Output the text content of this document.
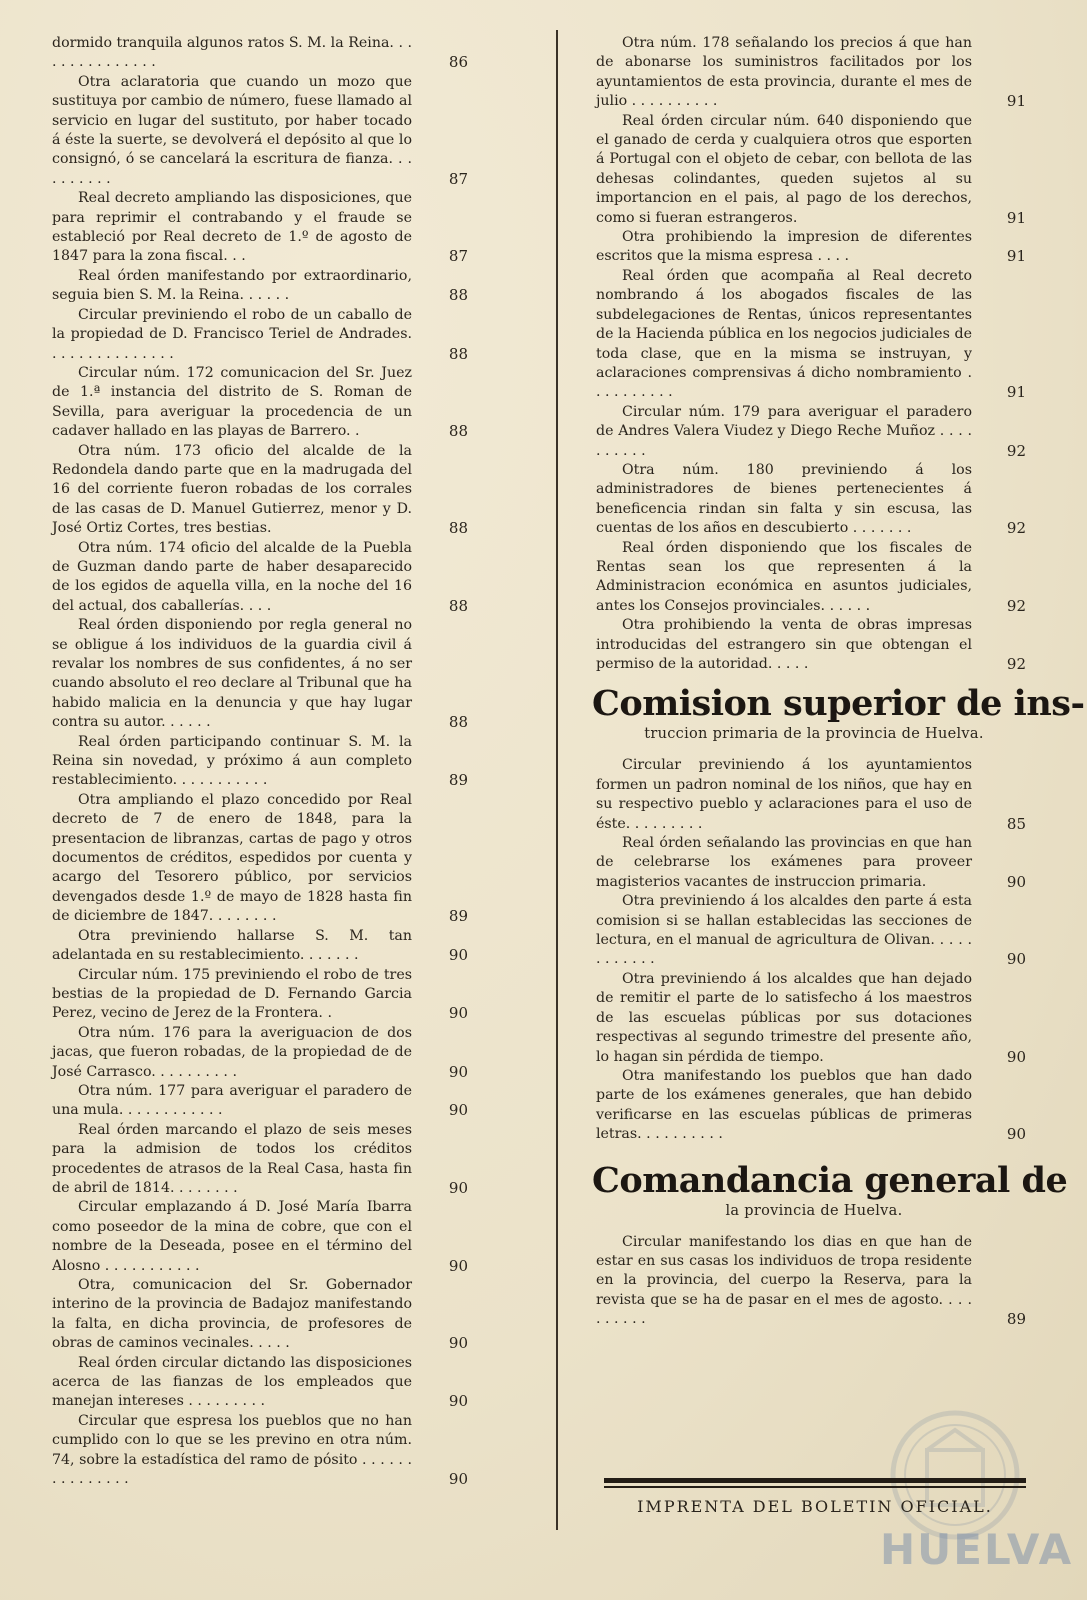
dormido tranquila algunos ratos S. M. la Reina. . . . . . . . . . . . . . .	86
Otra aclaratoria que cuando un mozo que sustituya por cambio de número, fuese llamado al servicio en lugar del sustituto, por haber tocado á éste la suerte, se devolverá el depósito al que lo consignó, ó se cancelará la escritura de fianza. . . . . . . . . .	87
Real decreto ampliando las disposiciones, que para reprimir el contrabando y el fraude se estableció por Real decreto de 1.º de agosto de 1847 para la zona fiscal. . .	87
Real órden manifestando por extraordinario, seguia bien S. M. la Reina. . . . . .	88
Circular previniendo el robo de un caballo de la propiedad de D. Francisco Teriel de Andrades. . . . . . . . . . . . . . .	88
Circular núm. 172 comunicacion del Sr. Juez de 1.ª instancia del distrito de S. Roman de Sevilla, para averiguar la procedencia de un cadaver hallado en las playas de Barrero. .	88
Otra núm. 173 oficio del alcalde de la Redondela dando parte que en la madrugada del 16 del corriente fueron robadas de los corrales de las casas de D. Manuel Gutierrez, menor y D. José Ortiz Cortes, tres bestias.	88
Otra núm. 174 oficio del alcalde de la Puebla de Guzman dando parte de haber desaparecido de los egidos de aquella villa, en la noche del 16 del actual, dos caballerías. . . .	88
Real órden disponiendo por regla general no se obligue á los individuos de la guardia civil á revalar los nombres de sus confidentes, á no ser cuando absoluto el reo declare al Tribunal que ha habido malicia en la denuncia y que hay lugar contra su autor. . . . . .	88
Real órden participando continuar S. M. la Reina sin novedad, y próximo á aun completo restablecimiento. . . . . . . . . . .	89
Otra ampliando el plazo concedido por Real decreto de 7 de enero de 1848, para la presentacion de libranzas, cartas de pago y otros documentos de créditos, espedidos por cuenta y acargo del Tesorero público, por servicios devengados desde 1.º de mayo de 1828 hasta fin de diciembre de 1847. . . . . . . .	89
Otra previniendo hallarse S. M. tan adelantada en su restablecimiento. . . . . . .	90
Circular núm. 175 previniendo el robo de tres bestias de la propiedad de D. Fernando Garcia Perez, vecino de Jerez de la Frontera. .	90
Otra núm. 176 para la averiguacion de dos jacas, que fueron robadas, de la propiedad de de José Carrasco. . . . . . . . . .	90
Otra núm. 177 para averiguar el paradero de una mula. . . . . . . . . . . .	90
Real órden marcando el plazo de seis meses para la admision de todos los créditos procedentes de atrasos de la Real Casa, hasta fin de abril de 1814. . . . . . . .	90
Circular emplazando á D. José María Ibarra como poseedor de la mina de cobre, que con el nombre de la Deseada, posee en el término del Alosno . . . . . . . . . . .	90
Otra, comunicacion del Sr. Gobernador interino de la provincia de Badajoz manifestando la falta, en dicha provincia, de profesores de obras de caminos vecinales. . . . .	90
Real órden circular dictando las disposiciones acerca de las fianzas de los empleados que manejan intereses . . . . . . . . .	90
Circular que espresa los pueblos que no han cumplido con lo que se les previno en otra núm. 74, sobre la estadística del ramo de pósito . . . . . . . . . . . . . . .	90
Otra núm. 178 señalando los precios á que han de abonarse los suministros facilitados por los ayuntamientos de esta provincia, durante el mes de julio . . . . . . . . . .	91
Real órden circular núm. 640 disponiendo que el ganado de cerda y cualquiera otros que esporten á Portugal con el objeto de cebar, con bellota de las dehesas colindantes, queden sujetos al su importancion en el pais, al pago de los derechos, como si fueran estrangeros.	91
Otra prohibiendo la impresion de diferentes escritos que la misma espresa . . . .	91
Real órden que acompaña al Real decreto nombrando á los abogados fiscales de las subdelegaciones de Rentas, únicos representantes de la Hacienda pública en los negocios judiciales de toda clase, que en la misma se instruyan, y aclaraciones comprensivas á dicho nombramiento . . . . . . . . . .	91
Circular núm. 179 para averiguar el paradero de Andres Valera Viudez y Diego Reche Muñoz . . . . . . . . . .	92
Otra núm. 180 previniendo á los administradores de bienes pertenecientes á beneficencia rindan sin falta y sin escusa, las cuentas de los años en descubierto . . . . . . .	92
Real órden disponiendo que los fiscales de Rentas sean los que representen á la Administracion económica en asuntos judiciales, antes los Consejos provinciales. . . . . .	92
Otra prohibiendo la venta de obras impresas introducidas del estrangero sin que obtengan el permiso de la autoridad. . . . .	92
Comision superior de ins-
truccion primaria de la provincia de Huelva.
Circular previniendo á los ayuntamientos formen un padron nominal de los niños, que hay en su respectivo pueblo y aclaraciones para el uso de éste. . . . . . . . .	85
Real órden señalando las provincias en que han de celebrarse los exámenes para proveer magisterios vacantes de instruccion primaria.	90
Otra previniendo á los alcaldes den parte á esta comision si se hallan establecidas las secciones de lectura, en el manual de agricultura de Olivan. . . . . . . . . . . .	90
Otra previniendo á los alcaldes que han dejado de remitir el parte de lo satisfecho á los maestros de las escuelas públicas por sus dotaciones respectivas al segundo trimestre del presente año, lo hagan sin pérdida de tiempo.	90
Otra manifestando los pueblos que han dado parte de los exámenes generales, que han debido verificarse en las escuelas públicas de primeras letras. . . . . . . . . .	90
Comandancia general de
la provincia de Huelva.
Circular manifestando los dias en que han de estar en sus casas los individuos de tropa residente en la provincia, del cuerpo la Reserva, para la revista que se ha de pasar en el mes de agosto. . . . . . . . . .	89
HUELVA
IMPRENTA DEL BOLETIN OFICIAL.
